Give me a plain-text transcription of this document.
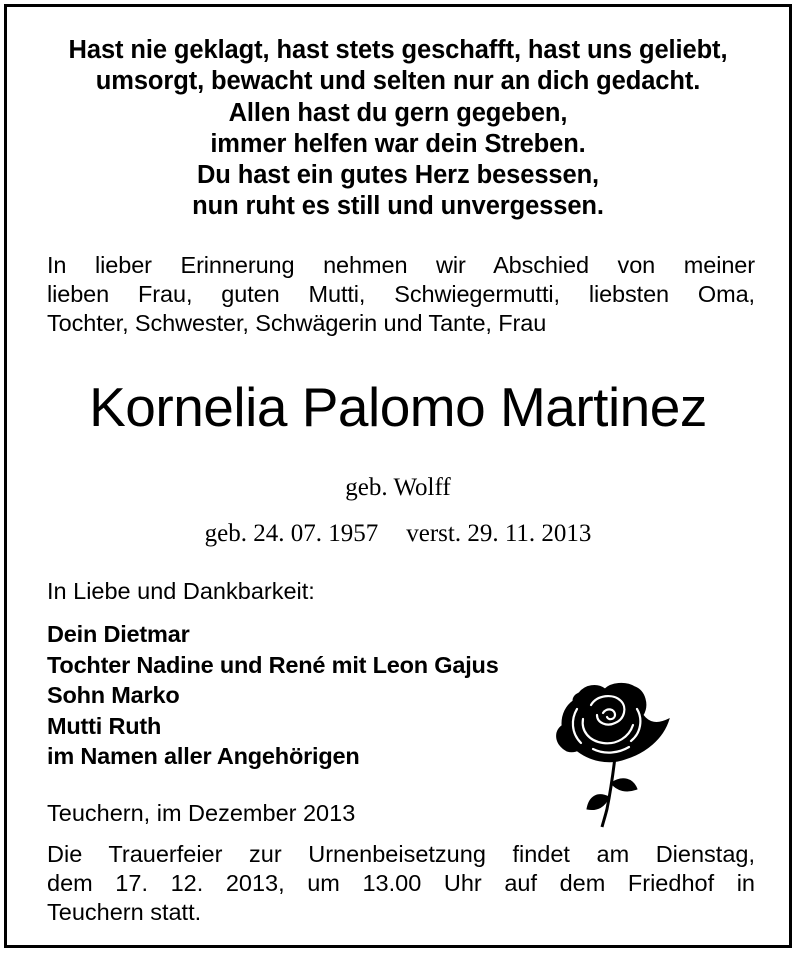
Hast nie geklagt, hast stets geschafft, hast uns geliebt,
umsorgt, bewacht und selten nur an dich gedacht.
Allen hast du gern gegeben,
immer helfen war dein Streben.
Du hast ein gutes Herz besessen,
nun ruht es still und unvergessen.
In lieber Erinnerung nehmen wir Abschied von meiner
lieben Frau, guten Mutti, Schwiegermutti, liebsten Oma,
Tochter, Schwester, Schwägerin und Tante, Frau
Kornelia Palomo Martinez
geb. Wolff
geb. 24. 07. 1957 verst. 29. 11. 2013
In Liebe und Dankbarkeit:
Dein Dietmar
Tochter Nadine und René mit Leon Gajus
Sohn Marko
Mutti Ruth
im Namen aller Angehörigen
Teuchern, im Dezember 2013
Die Trauerfeier zur Urnenbeisetzung findet am Dienstag,
dem 17. 12. 2013, um 13.00 Uhr auf dem Friedhof in
Teuchern statt.
